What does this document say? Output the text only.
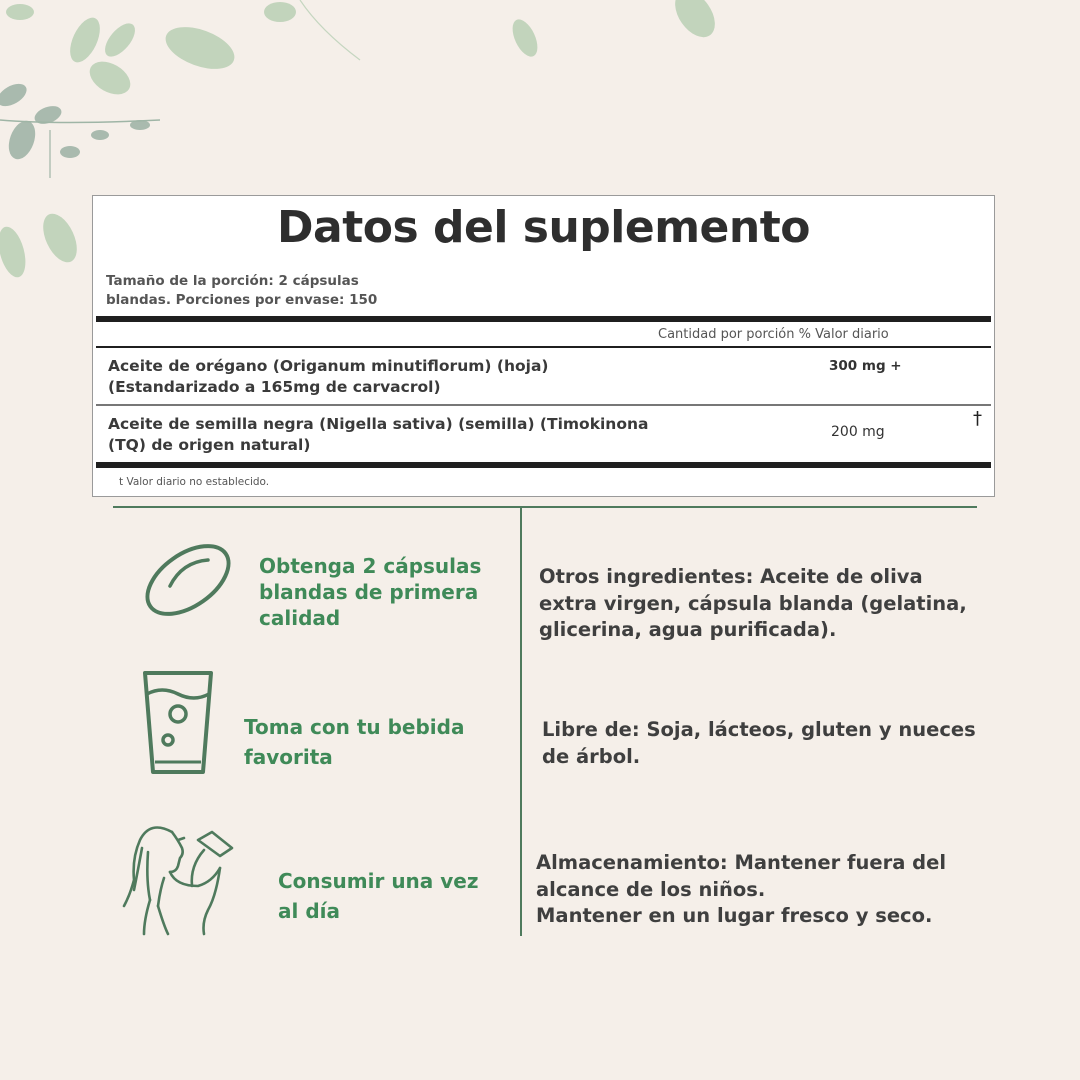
Datos del suplemento
Tamaño de la porción: 2 cápsulas blandas. Porciones por envase: 150
Cantidad por porción % Valor diario
Aceite de orégano (Origanum minutiflorum) (hoja) (Estandarizado a 165mg de carvacrol)
300 mg +
Aceite de semilla negra (Nigella sativa) (semilla) (Timokinona (TQ) de origen natural)
200 mg
†
t Valor diario no establecido.
Obtenga 2 cápsulas blandas de primera calidad
Toma con tu bebida favorita
Consumir una vez al día
Otros ingredientes: Aceite de oliva extra virgen, cápsula blanda (gelatina, glicerina, agua purificada).
Libre de: Soja, lácteos, gluten y nueces de árbol.
Almacenamiento: Mantener fuera del alcance de los niños.
Mantener en un lugar fresco y seco.
